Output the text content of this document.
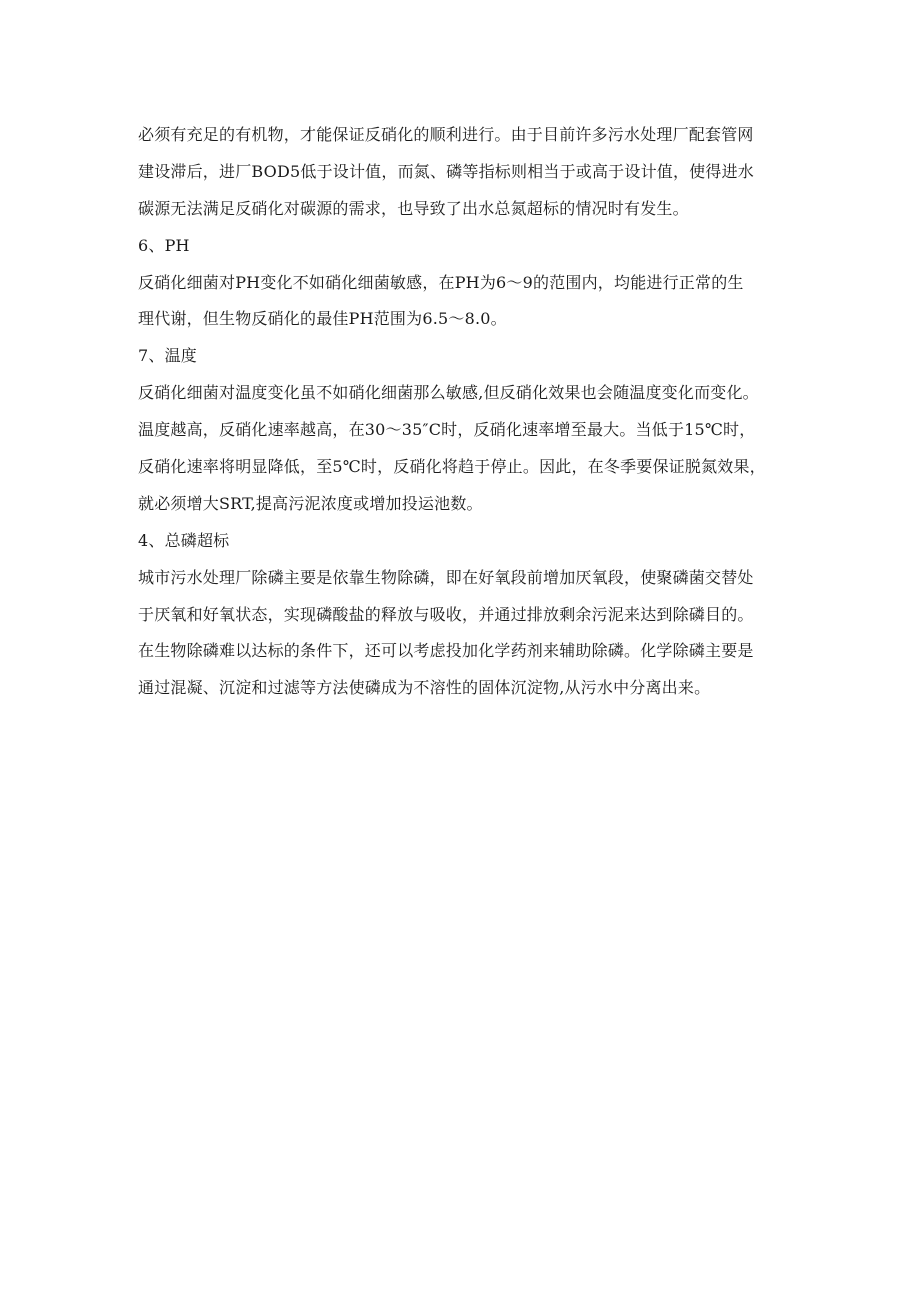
必须有充足的有机物，才能保证反硝化的顺利进行。由于目前许多污水处理厂配套管网
建设滞后，进厂BOD5低于设计值，而氮、磷等指标则相当于或高于设计值，使得进水
碳源无法满足反硝化对碳源的需求，也导致了出水总氮超标的情况时有发生。
6、PH
反硝化细菌对PH变化不如硝化细菌敏感，在PH为6～9的范围内，均能进行正常的生
理代谢，但生物反硝化的最佳PH范围为6.5～8.0。
7、温度
反硝化细菌对温度变化虽不如硝化细菌那么敏感,但反硝化效果也会随温度变化而变化。
温度越高，反硝化速率越高，在30～35″C时，反硝化速率增至最大。当低于15℃时，
反硝化速率将明显降低，至5℃时，反硝化将趋于停止。因此，在冬季要保证脱氮效果，
就必须增大SRT,提高污泥浓度或增加投运池数。
4、总磷超标
城市污水处理厂除磷主要是依靠生物除磷，即在好氧段前增加厌氧段，使聚磷菌交替处
于厌氧和好氧状态，实现磷酸盐的释放与吸收，并通过排放剩余污泥来达到除磷目的。
在生物除磷难以达标的条件下，还可以考虑投加化学药剂来辅助除磷。化学除磷主要是
通过混凝、沉淀和过滤等方法使磷成为不溶性的固体沉淀物,从污水中分离出来。
